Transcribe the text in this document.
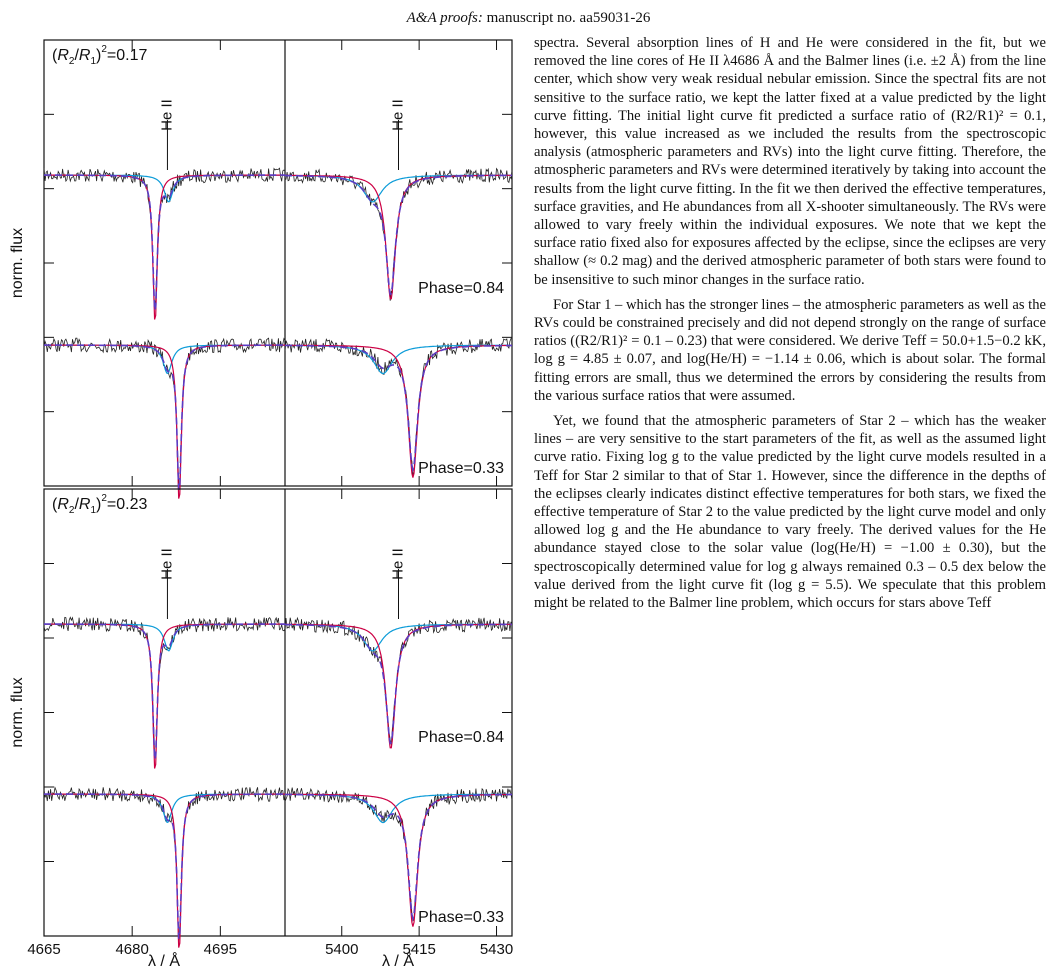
A&A proofs: manuscript no. aa59031-26
$(R_2/R_1)^2=0.17$
He II	He II
Phase=0.84
Phase=0.33
norm. flux
$(R_2/R_1)^2=0.23$
4665	4680	4695
He II
5400	5415	5430
He II
Phase=0.84
Phase=0.33
norm. flux
λ / Å	λ / Å

spectra. Several absorption lines of H and He were considered in the fit, but we removed the line cores of He II λ4686 Å and the Balmer lines (i.e. ±2 Å) from the line center, which show very weak residual nebular emission. Since the spectral fits are not sensitive to the surface ratio, we kept the latter fixed at a value predicted by the light curve fitting. The initial light curve fit predicted a surface ratio of (R2/R1)² = 0.1, however, this value increased as we included the results from the spectroscopic analysis (atmospheric parameters and RVs) into the light curve fitting. Therefore, the atmospheric parameters and RVs were determined iteratively by taking into account the results from the light curve fitting. In the fit we then derived the effective temperatures, surface gravities, and He abundances from all X-shooter simultaneously. The RVs were allowed to vary freely within the individual exposures. We note that we kept the surface ratio fixed also for exposures affected by the eclipse, since the eclipses are very shallow (≈ 0.2 mag) and the derived atmospheric parameter of both stars were found to be insensitive to such minor changes in the surface ratio.

For Star 1 – which has the stronger lines – the atmospheric parameters as well as the RVs could be constrained precisely and did not depend strongly on the range of surface ratios ((R2/R1)² = 0.1 – 0.23) that were considered. We derive Teff = 50.0+1.5−0.2 kK, log g = 4.85 ± 0.07, and log(He/H) = −1.14 ± 0.06, which is about solar. The formal fitting errors are small, thus we determined the errors by considering the results from the various surface ratios that were assumed.

Yet, we found that the atmospheric parameters of Star 2 – which has the weaker lines – are very sensitive to the start parameters of the fit, as well as the assumed light curve ratio. Fixing log g to the value predicted by the light curve models resulted in a Teff for Star 2 similar to that of Star 1. However, since the difference in the depths of the eclipses clearly indicates distinct effective temperatures for both stars, we fixed the effective temperature of Star 2 to the value predicted by the light curve model and only allowed log g and the He abundance to vary freely. The derived values for the He abundance stayed close to the solar value (log(He/H) = −1.00 ± 0.30), but the spectroscopically determined value for log g always remained 0.3 – 0.5 dex below the value derived from the light curve fit (log g = 5.5). We speculate that this problem might be related to the Balmer line problem, which occurs for stars above Teff
